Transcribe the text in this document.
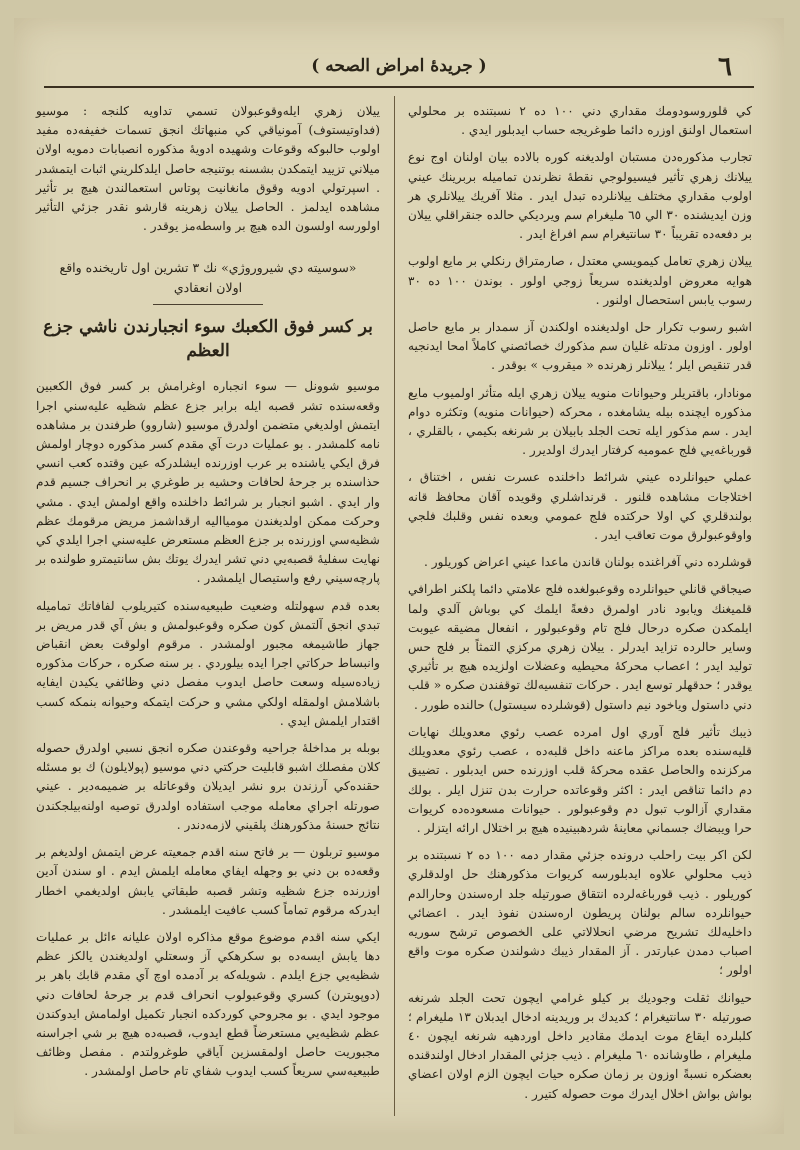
( جريدهٔ امراض الصحه )	٦

كي قلوروسودومك مقداري دني ١٠٠ ده ٢ نسبتنده بر محلولي استعمال اولنق اوزره دائما طوغريجه حساب ايدبلور ايدي .

تجارب مذكوره‌دن مستبان اولديغنه كوره بالاده بيان اولنان اوج نوع ييلانك زهري تأثير فيسيولوجي نقطهٔ نظرندن تماميله بربرينك عيني اولوب مقداري مختلف ييلانلرده تبدل ايدر . مثلا آفريك ييلانلري هر وزن ايديشنده ٣٠ الي ٦٥ مليغرام سم ويرديكي حالده جنقراقلي ييلان بر دفعه‌ده تقريباً ٣٠ سانتيغرام سم افراغ ايدر .

ييلان زهري تعامل كيمويسي معتدل ، صارمتراق رنكلي بر مايع اولوب هوايه معروض اولديغنده سريعاً زوجي اولور . بوندن ١٠٠ ده ٣٠ رسوب يابس استحصال اولنور .

اشبو رسوب تكرار حل اولديغنده اولكندن آز سمدار بر مايع حاصل اولور . اوزون مدتله غليان سم مذكورك خصائصني كاملاً امحا ايدنجيه قدر تنقيص ايلر ؛ ييلانلر زهرنده « ميقروب » بوقدر .

مونادار، باقتريلر وحيوانات منويه ييلان زهري ايله متأثر اولميوب مايع مذكوره ايچنده بيله يشامغده ، محركه (حيوانات منويه) وتكثره دوام ايدر . سم مذكور ايله تحت الجلد بابيلان بر شرنغه بكيمي ، بالقلري ، قورباغه‌يي فلج عموميه كرفتار ايدرك اولديرر .

عملي حيوانلرده عيني شرائط داخلنده عسرت نفس ، اختناق ، اختلاجات مشاهده قلنور . قرنداشلري وقويده آقان محافظ قانه بولندقلري كي اولا حركتده فلج عمومي وبعده نفس وقلبك فلجي واوقوعبولرق موت تعاقب ايدر .

قوشلرده دني آفراغنده بولنان قاندن ماعدا عيني اعراض كوريلور .

صيجاقي قانلي حيوانلرده وقوعبولغده فلج علامتي دائما پلكنر اطرافي قلميغنك ويابود نادر اولمرق دفعةً ايلمك كي بوباش آلدي ولما ايلمكدن صكره درحال فلج تام وقوعبولور ، انفعال مضيقه عيوبت وساير حالرده تزايد ايدرلر . ييلان زهري مركزي التمثاً بر فلج حس توليد ايدر ؛ اعصاب محركهٔ محيطيه وعضلات اولزيده هيچ بر تأثيري يوقدر ؛ حدقهلر توسع ايدر . حركات تنفسيه‌لك توقفندن صكره « قلب دني داستول وياخود نيم داستول (قوشلرده سيستول) حالنده طورر .

ذيبك تأثير فلج آوري اول امرده عصب رئوي معدويلك نهايات قليه‌سنده بعده مراكز ماعنه داخل قلبه‌ده ، عصب رئوي معدويلك مركزنده والحاصل عقده محركهٔ قلب اوزرنده حس ايدبلور . تضييق دم دائما تناقص ايدر : اكثر وقوعاتده حرارت بدن تنزل ايلر . بولك مقداري آزالوب تبول دم وقوعبولور . حيوانات مسعوده‌ده كريوات حرا ويبضاك جسماني معاينهٔ شردهبينيده هيچ بر اختلال ارائه ايتزلر .

لكن اكر بيت راحلب درونده جزئي مقدار دمه ١٠٠ ده ٢ نسبتنده بر ذيب محلولي علاوه ايدبلورسه كريوات مذكورهنك حل اولدقلري كوريلور . ذيب قورباغه‌لرده انتقاق صورتيله جلد اره‌سندن وحارالدم حيوانلرده سالم بولنان پريطون اره‌سندن نفوذ ايدر . اعضائي داخليه‌لك تشريح مرضي انحلالاتي على الخصوص ترشح سوريه اصباب دمدن عبارتدر . آز المقدار ذيبك دشولندن صكره موت واقع اولور ؛

حيوانك ثقلت وجوديك بر كيلو غرامي ايچون تحت الجلد شرنغه صورتيله ٣٠ سانتيغرام ؛ كديدك بر وريدينه ادخال ايدبلان ١٣ مليغرام ؛ كلبلرده ايقاع موت ايدمك مقادير داخل اوردهيه شرنغه ايچون ٤٠ مليغرام ، طاوشانده ٦٠ مليغرام . ذيب جزئي المقدار ادخال اولندقنده بعضكره نسبةً اوزون بر زمان صكره حيات ايچون الزم اولان اعضاي بواش بواش اخلال ايدرك موت حصوله كتيرر .

ييلان زهري ايله‌وقوعبولان تسمي تداويه كلنجه : موسيو (فداوتيستوف) آمونياقي كي منبهاتك انجق تسمات خفيفه‌ده مفيد اولوب حالبوكه وقوعات وشهيده ادويهٔ مذكوره انصبابات دمويه اولان ميلاني تزييد ايتمكدن بشسنه بوتنيجه حاصل ايلدكلريني اثبات ايتمشدر . اسپرتولي ادويه وقوق مانغانيت پوتاس استعمالندن هيچ بر تأثير مشاهده ايدلمز . الحاصل ييلان زهرينه قارشو نقدر جزئي التأثير اولورسه اولسون الده هيچ بر واسطه‌مز يوقدر .

«سوسيته دي شيروروژي» نك ٣ تشرين اول تاريخنده واقع اولان انعقادي
بر كسر فوق الكعبك سوء انجبارندن ناشي جزع العظم

موسيو شوونل — سوء انجباره اوغرامش بر كسر فوق الكعبين وقعه‌سنده تشر قصبه ايله برابر جزع عظم شظيه عليه‌سني اجرا ايتمش اولديغي متضمن اولدرق موسيو (شاروو) طرفندن بر مشاهده نامه كلمشدر . بو عمليات درت آي مقدم كسر مذكوره دوچار اولمش فرق ايكي ياشنده بر عرب اوزرنده ايشلدركه عين وقتده كعب انسي حذاسنده بر جرحهٔ لحافات وحشيه بر طوغري بر انحراف جسيم قدم وار ايدي . اشبو انجبار بر شرائط داخلنده واقع اولمش ايدي . مشي وحركت ممكن اولديغندن موميااليه ارقداشمز مريض مرقومك عظم شظيه‌سي اوزرنده بر جزع العظم مستعرض عليه‌سني اجرا ايلدي كي نهايت سفليهٔ قصبه‌يي دني تشر ايدرك يوتك بش سانتيمترو طولنده بر پارچه‌سيني رفع واستيصال ايلمشدر .

بعده قدم سهولتله وضعيت طبيعيه‌سنده كتيريلوب لفافاتك تماميله تبدي انجق آلتمش كون صكره وقوعبولمش و بش آي قدر مريض بر جهاز طاشيمغه مجبور اولمشدر . مرقوم اولوقت بعض انقباض وانبساط حركاتي اجرا ايده بيلوردي . بر سنه صكره ، حركات مذكوره زياده‌سيله وسعت حاصل ايدوب مفصل دني وظائفي يكيدن ايفايه باشلامش اولمقله اولكي مشي و حركت ايتمكه وحيوانه بنمكه كسب اقتدار ايلمش ايدي .

بوبله بر مداخلهٔ جراحيه وقوعندن صكره انجق نسبي اولدرق حصوله كلان مفصلك اشبو قابليت حركتي دني موسيو (پولايلون) ك بو مسئله حقنده‌كي آرزندن برو نشر ايديلان وقوعاتله بر ضميمه‌دير . عيني صورتله اجراي معامله موجب استفاده اولدرق توصيه اولنه‌بيلجكندن نتائج حسنهٔ مذكورهنك پلقيني لازمه‌دندر .

موسيو تربلون — بر فاتح سنه اقدم جمعيته عرض ايتمش اولديغم بر وقعه‌ده بن دني بو وجهله ايفاي معامله ايلمش ايدم . او سندن آدين اوزرنده جزع شظيه وتشر قصبه طبقاتي يابش اولديغمي اخطار ايدركه مرقوم تماماً كسب عافيت ايلمشدر .

ايكي سنه اقدم موضوع موقع مذاكره اولان عليانه ءائل بر عمليات دها يابش ايسه‌ده بو سكرهكي آز وسعتلي اولديغندن يالكز عظم شظيه‌يي جزع ايلدم . شويله‌كه بر آدمده اوچ آي مقدم قابك باهر بر (دوپويترن) كسري وقوعبولوب انحراف قدم بر جرحهٔ لحافات دني موجود ايدي . بو مجروحي كوردكده انجبار تكميل اولمامش ايدوكندن عظم شظيه‌يي مستعرضاً قطع ايدوب، قصبه‌ده هيچ بر شي اجراسنه مجبوريت حاصل اولمقسزين آياقي طوغرولتدم . مفصل وظائف طبيعيه‌سي سريعاً كسب ايدوب شفاي تام حاصل اولمشدر .
